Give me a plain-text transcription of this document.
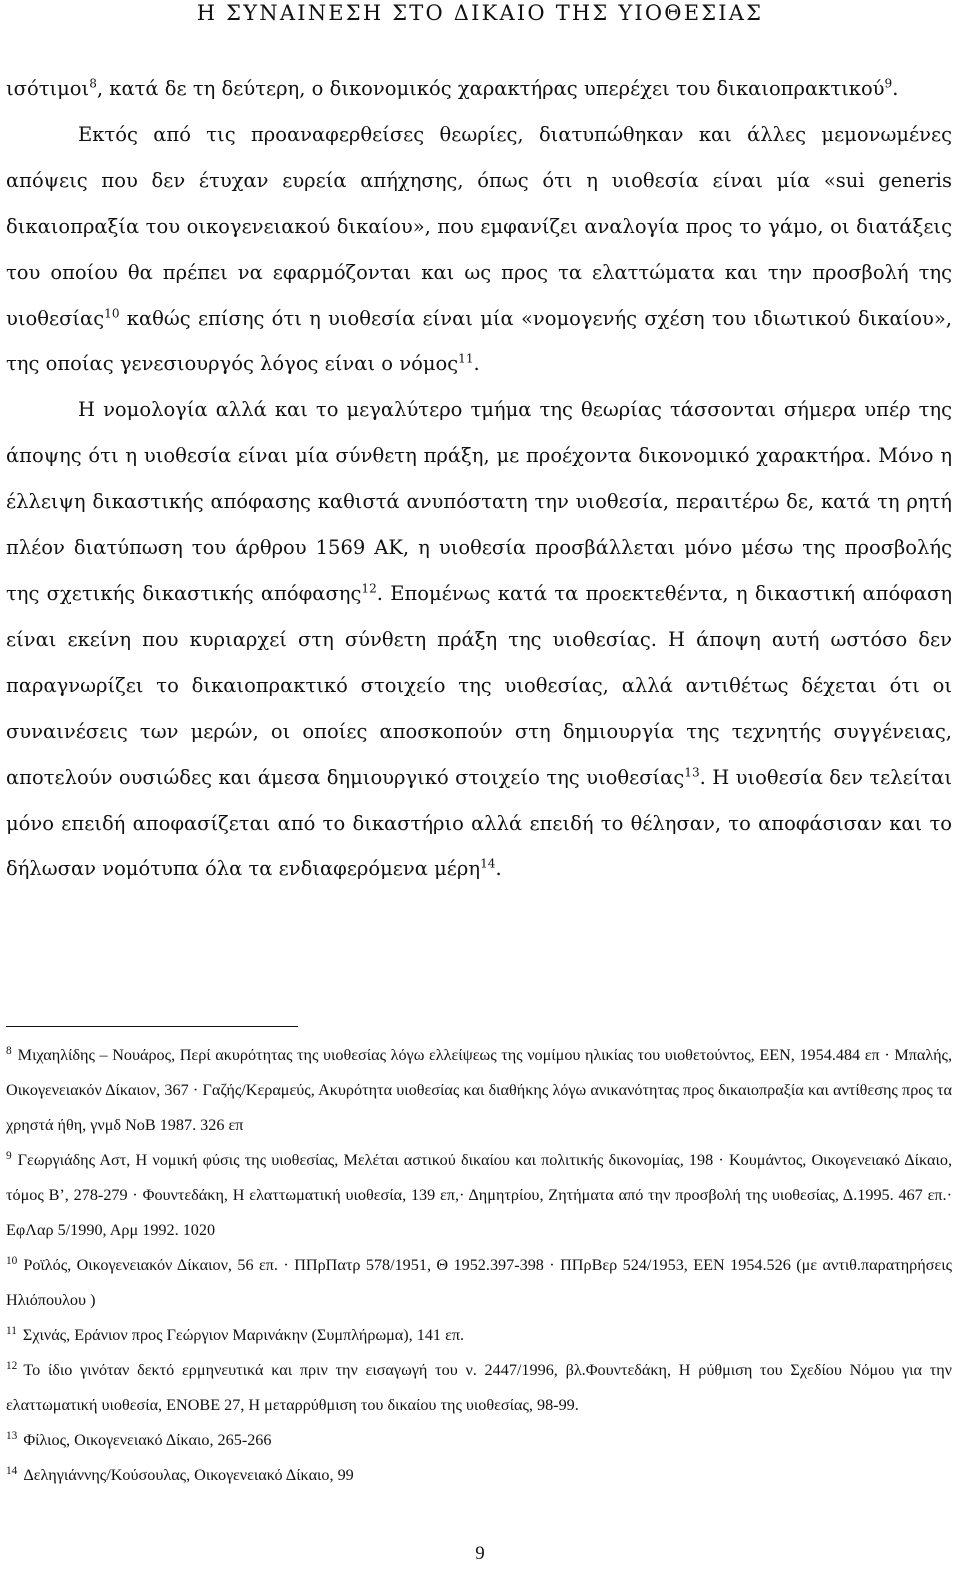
Η ΣΥΝΑΙΝΕΣΗ ΣΤΟ ΔΙΚΑΙΟ ΤΗΣ ΥΙΟΘΕΣΙΑΣ

ισότιμοι$^8$, κατά δε τη δεύτερη, ο δικονομικός χαρακτήρας υπερέχει του δικαιοπρακτικού$^9$.

Εκτός από τις προαναφερθείσες θεωρίες, διατυπώθηκαν και άλλες μεμονωμένες απόψεις που δεν έτυχαν ευρεία απήχησης, όπως ότι η υιοθεσία είναι μία «sui generis δικαιοπραξία του οικογενειακού δικαίου», που εμφανίζει αναλογία προς το γάμο, οι διατάξεις του οποίου θα πρέπει να εφαρμόζονται και ως προς τα ελαττώματα και την προσβολή της υιοθεσίας$^{10}$ καθώς επίσης ότι η υιοθεσία είναι μία «νομογενής σχέση του ιδιωτικού δικαίου», της οποίας γενεσιουργός λόγος είναι ο νόμος$^{11}$.

Η νομολογία αλλά και το μεγαλύτερο τμήμα της θεωρίας τάσσονται σήμερα υπέρ της άποψης ότι η υιοθεσία είναι μία σύνθετη πράξη, με προέχοντα δικονομικό χαρακτήρα. Μόνο η έλλειψη δικαστικής απόφασης καθιστά ανυπόστατη την υιοθεσία, περαιτέρω δε, κατά τη ρητή πλέον διατύπωση του άρθρου 1569 ΑΚ, η υιοθεσία προσβάλλεται μόνο μέσω της προσβολής της σχετικής δικαστικής απόφασης$^{12}$. Επομένως κατά τα προεκτεθέντα, η δικαστική απόφαση είναι εκείνη που κυριαρχεί στη σύνθετη πράξη της υιοθεσίας. Η άποψη αυτή ωστόσο δεν παραγνωρίζει το δικαιοπρακτικό στοιχείο της υιοθεσίας, αλλά αντιθέτως δέχεται ότι οι συναινέσεις των μερών, οι οποίες αποσκοπούν στη δημιουργία της τεχνητής συγγένειας, αποτελούν ουσιώδες και άμεσα δημιουργικό στοιχείο της υιοθεσίας$^{13}$. Η υιοθεσία δεν τελείται μόνο επειδή αποφασίζεται από το δικαστήριο αλλά επειδή το θέλησαν, το αποφάσισαν και το δήλωσαν νομότυπα όλα τα ενδιαφερόμενα μέρη$^{14}$.

$^8$ Μιχαηλίδης – Νουάρος, Περί ακυρότητας της υιοθεσίας λόγω ελλείψεως της νομίμου ηλικίας του υιοθετούντος, ΕΕΝ, 1954.484 επ · Μπαλής, Οικογενειακόν Δίκαιον, 367 · Γαζής/Κεραμεύς, Ακυρότητα υιοθεσίας και διαθήκης λόγω ανικανότητας προς δικαιοπραξία και αντίθεσης προς τα χρηστά ήθη, γνμδ ΝοΒ 1987. 326 επ

$^9$ Γεωργιάδης Αστ, Η νομική φύσις της υιοθεσίας, Μελέται αστικού δικαίου και πολιτικής δικονομίας, 198 · Κουμάντος, Οικογενειακό Δίκαιο, τόμος Β’, 278-279 · Φουντεδάκη, Η ελαττωματική υιοθεσία, 139 επ,· Δημητρίου, Ζητήματα από την προσβολή της υιοθεσίας, Δ.1995. 467 επ.· ΕφΛαρ 5/1990, Αρμ 1992. 1020

$^{10}$ Ροϊλός, Οικογενειακόν Δίκαιον, 56 επ. · ΠΠρΠατρ 578/1951, Θ 1952.397-398 · ΠΠρΒερ 524/1953, ΕΕΝ 1954.526 (με αντιθ.παρατηρήσεις Ηλιόπουλου )

$^{11}$ Σχινάς, Εράνιον προς Γεώργιον Μαρινάκην (Συμπλήρωμα), 141 επ.

$^{12}$ Το ίδιο γινόταν δεκτό ερμηνευτικά και πριν την εισαγωγή του ν. 2447/1996, βλ.Φουντεδάκη, Η ρύθμιση του Σχεδίου Νόμου για την ελαττωματική υιοθεσία, ΕΝΟΒΕ 27, Η μεταρρύθμιση του δικαίου της υιοθεσίας, 98-99.

$^{13}$ Φίλιος, Οικογενειακό Δίκαιο, 265-266

$^{14}$ Δεληγιάννης/Κούσουλας, Οικογενειακό Δίκαιο, 99

9
